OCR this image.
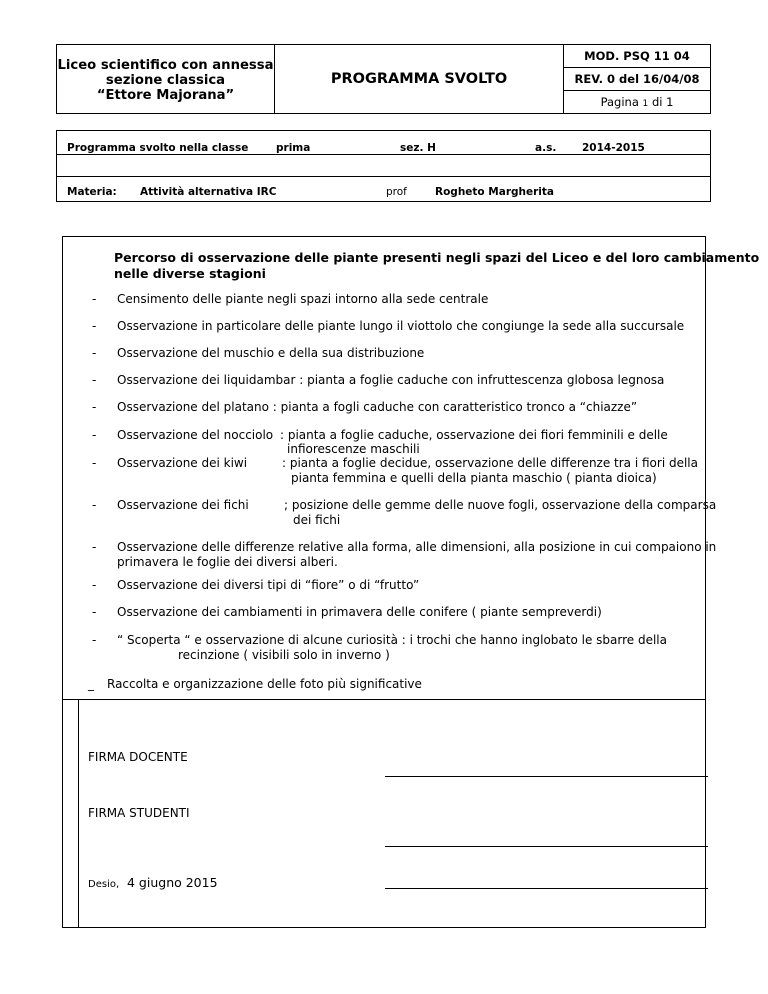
Liceo scientifico con annessa
sezione classica
“Ettore Majorana”
PROGRAMMA SVOLTO
MOD. PSQ 11 04
REV. 0 del 16/04/08
Pagina 1 di 1
Programma svolto nella classe	prima	sez. H	a.s. 2014-2015
Materia: Attività alternativa IRC	prof	Rogheto Margherita
Percorso di osservazione delle piante presenti negli spazi del Liceo e del loro cambiamento
nelle diverse stagioni
- Censimento delle piante negli spazi intorno alla sede centrale
- Osservazione in particolare delle piante lungo il viottolo che congiunge la sede alla succursale
- Osservazione del muschio e della sua distribuzione
- Osservazione dei liquidambar : pianta a foglie caduche con infruttescenza globosa legnosa
- Osservazione del platano : pianta a fogli caduche con caratteristico tronco a “chiazze”
- Osservazione del nocciolo : pianta a foglie caduche, osservazione dei fiori femminili e delle
infiorescenze maschili
- Osservazione dei kiwi	: pianta a foglie decidue, osservazione delle differenze tra i fiori della
pianta femmina e quelli della pianta maschio ( pianta dioica)
- Osservazione dei fichi	; posizione delle gemme delle nuove fogli, osservazione della comparsa
dei fichi
- Osservazione delle differenze relative alla forma, alle dimensioni, alla posizione in cui compaiono in
primavera le foglie dei diversi alberi.
- Osservazione dei diversi tipi di “fiore” o di “frutto”
- Osservazione dei cambiamenti in primavera delle conifere ( piante sempreverdi)
- “ Scoperta “ e osservazione di alcune curiosità : i trochi che hanno inglobato le sbarre della
recinzione ( visibili solo in inverno )
_ Raccolta e organizzazione delle foto più significative
FIRMA DOCENTE
FIRMA STUDENTI
Desio, 4 giugno 2015
